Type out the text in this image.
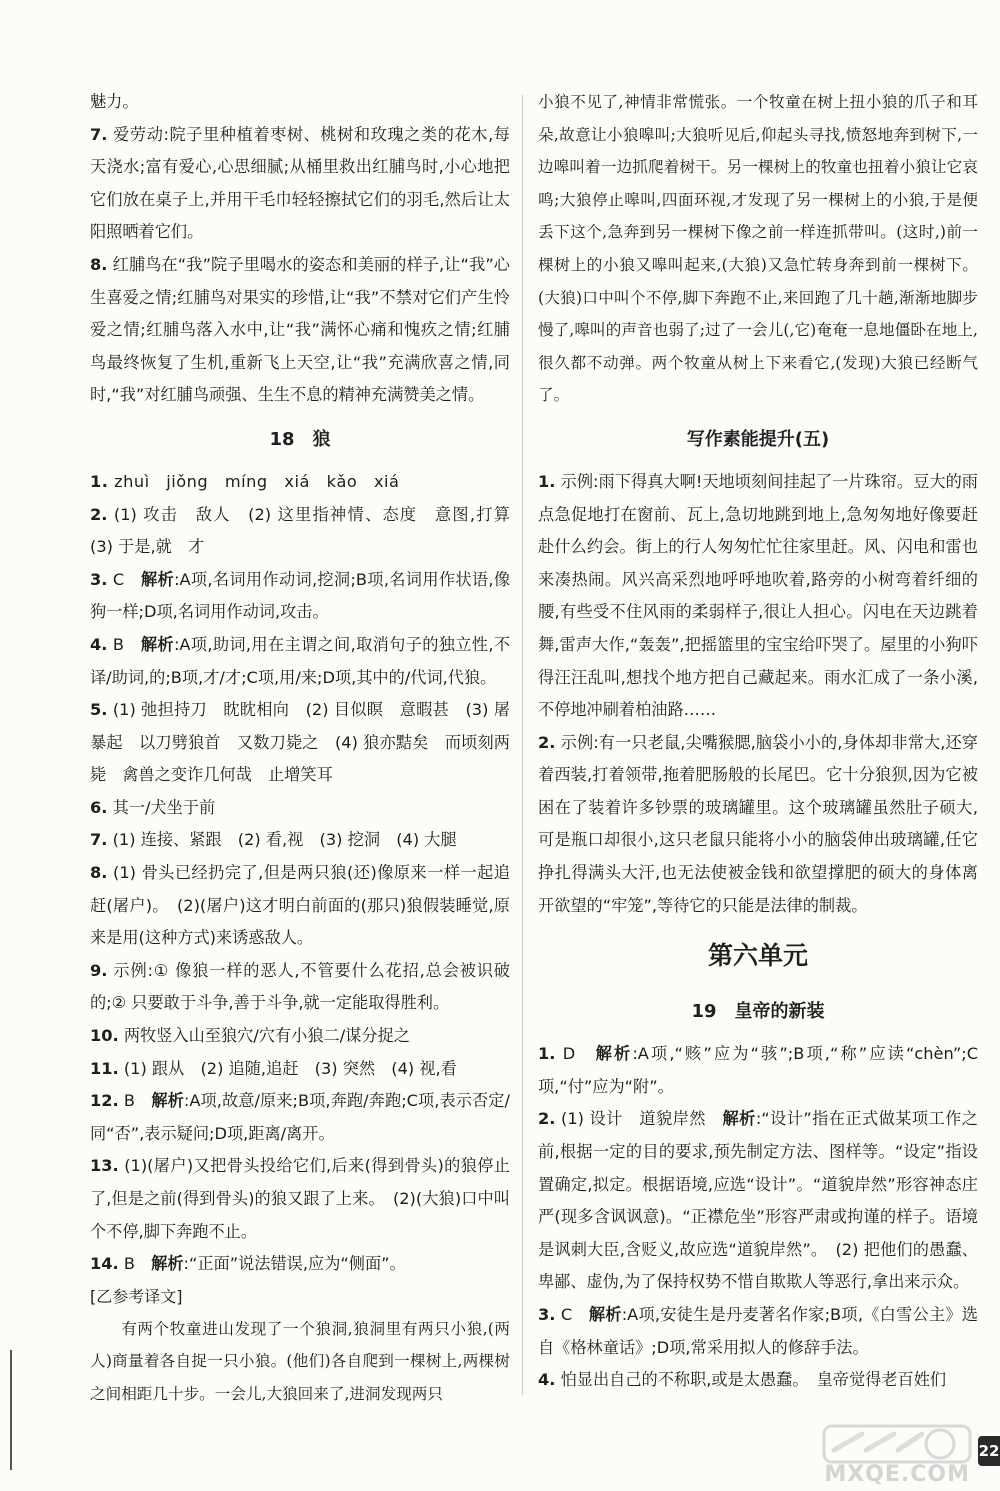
魅力。

7. 爱劳动:院子里种植着枣树、桃树和玫瑰之类的花木,每天浇水;富有爱心,心思细腻;从桶里救出红脯鸟时,小心地把它们放在桌子上,并用干毛巾轻轻擦拭它们的羽毛,然后让太阳照晒着它们。

8. 红脯鸟在“我”院子里喝水的姿态和美丽的样子,让“我”心生喜爱之情;红脯鸟对果实的珍惜,让“我”不禁对它们产生怜爱之情;红脯鸟落入水中,让“我”满怀心痛和愧疚之情;红脯鸟最终恢复了生机,重新飞上天空,让“我”充满欣喜之情,同时,“我”对红脯鸟顽强、生生不息的精神充满赞美之情。

18　狼

1. zhuì　jiǒng　míng　xiá　kǎo　xiá

2. (1) 攻击　敌人　(2) 这里指神情、态度　意图,打算　(3) 于是,就　才

3. C　 解析:A项,名词用作动词,挖洞;B项,名词用作状语,像狗一样;D项,名词用作动词,攻击。

4. B　 解析:A项,助词,用在主谓之间,取消句子的独立性,不译/助词,的;B项,才/才;C项,用/来;D项,其中的/代词,代狼。

5. (1) 弛担持刀　眈眈相向　(2) 目似瞑　意暇甚　(3) 屠暴起　以刀劈狼首　又数刀毙之　(4) 狼亦黠矣　而顷刻两毙　禽兽之变诈几何哉　止增笑耳

6. 其一/犬坐于前

7. (1) 连接、紧跟　(2) 看,视　(3) 挖洞　(4) 大腿

8. (1) 骨头已经扔完了,但是两只狼(还)像原来一样一起追赶(屠户)。　(2)(屠户)这才明白前面的(那只)狼假装睡觉,原来是用(这种方式)来诱惑敌人。

9. 示例:① 像狼一样的恶人,不管要什么花招,总会被识破的;② 只要敢于斗争,善于斗争,就一定能取得胜利。

10. 两牧竖入山至狼穴/穴有小狼二/谋分捉之

11. (1) 跟从　(2) 追随,追赶　(3) 突然　(4) 视,看

12. B　 解析:A项,故意/原来;B项,奔跑/奔跑;C项,表示否定/同“否”,表示疑问;D项,距离/离开。

13. (1)(屠户)又把骨头投给它们,后来(得到骨头)的狼停止了,但是之前(得到骨头)的狼又跟了上来。　(2)(大狼)口中叫个不停,脚下奔跑不止。

14. B　 解析:“正面”说法错误,应为“侧面”。

[乙参考译文]

有两个牧童进山发现了一个狼洞,狼洞里有两只小狼,(两人)商量着各自捉一只小狼。(他们)各自爬到一棵树上,两棵树之间相距几十步。一会儿,大狼回来了,进洞发现两只

小狼不见了,神情非常慌张。一个牧童在树上扭小狼的爪子和耳朵,故意让小狼嗥叫;大狼听见后,仰起头寻找,愤怒地奔到树下,一边嗥叫着一边抓爬着树干。另一棵树上的牧童也扭着小狼让它哀鸣;大狼停止嗥叫,四面环视,才发现了另一棵树上的小狼,于是便丢下这个,急奔到另一棵树下像之前一样连抓带叫。(这时,)前一棵树上的小狼又嗥叫起来,(大狼)又急忙转身奔到前一棵树下。(大狼)口中叫个不停,脚下奔跑不止,来回跑了几十趟,渐渐地脚步慢了,嗥叫的声音也弱了;过了一会儿(,它)奄奄一息地僵卧在地上,很久都不动弹。两个牧童从树上下来看它,(发现)大狼已经断气了。

写作素能提升(五)

1. 示例:雨下得真大啊!天地顷刻间挂起了一片珠帘。豆大的雨点急促地打在窗前、瓦上,急切地跳到地上,急匆匆地好像要赶赴什么约会。街上的行人匆匆忙忙往家里赶。风、闪电和雷也来凑热闹。风兴高采烈地呼呼地吹着,路旁的小树弯着纤细的腰,有些受不住风雨的柔弱样子,很让人担心。闪电在天边跳着舞,雷声大作,“轰轰”,把摇篮里的宝宝给吓哭了。屋里的小狗吓得汪汪乱叫,想找个地方把自己藏起来。雨水汇成了一条小溪,不停地冲刷着柏油路……

2. 示例:有一只老鼠,尖嘴猴腮,脑袋小小的,身体却非常大,还穿着西装,打着领带,拖着肥肠般的长尾巴。它十分狼狈,因为它被困在了装着许多钞票的玻璃罐里。这个玻璃罐虽然肚子硕大,可是瓶口却很小,这只老鼠只能将小小的脑袋伸出玻璃罐,任它挣扎得满头大汗,也无法使被金钱和欲望撑肥的硕大的身体离开欲望的“牢笼”,等待它的只能是法律的制裁。

第六单元
19　皇帝的新装

1. D　 解析:A项,“赅”应为“骇”;B项,“称”应读“chèn”;C项,“付”应为“附”。

2. (1) 设计　道貌岸然　解析:“设计”指在正式做某项工作之前,根据一定的目的要求,预先制定方法、图样等。“设定”指设置确定,拟定。根据语境,应选“设计”。“道貌岸然”形容神态庄严(现多含讽讽意)。“正襟危坐”形容严肃或拘谨的样子。语境是讽刺大臣,含贬义,故应选“道貌岸然”。　(2) 把他们的愚蠢、卑鄙、虚伪,为了保持权势不惜自欺欺人等恶行,拿出来示众。

3. C　 解析:A项,安徒生是丹麦著名作家;B项,《白雪公主》选自《格林童话》;D项,常采用拟人的修辞手法。

4. 怕显出自己的不称职,或是太愚蠢。　皇帝觉得老百姓们

MXQE.COM
22
